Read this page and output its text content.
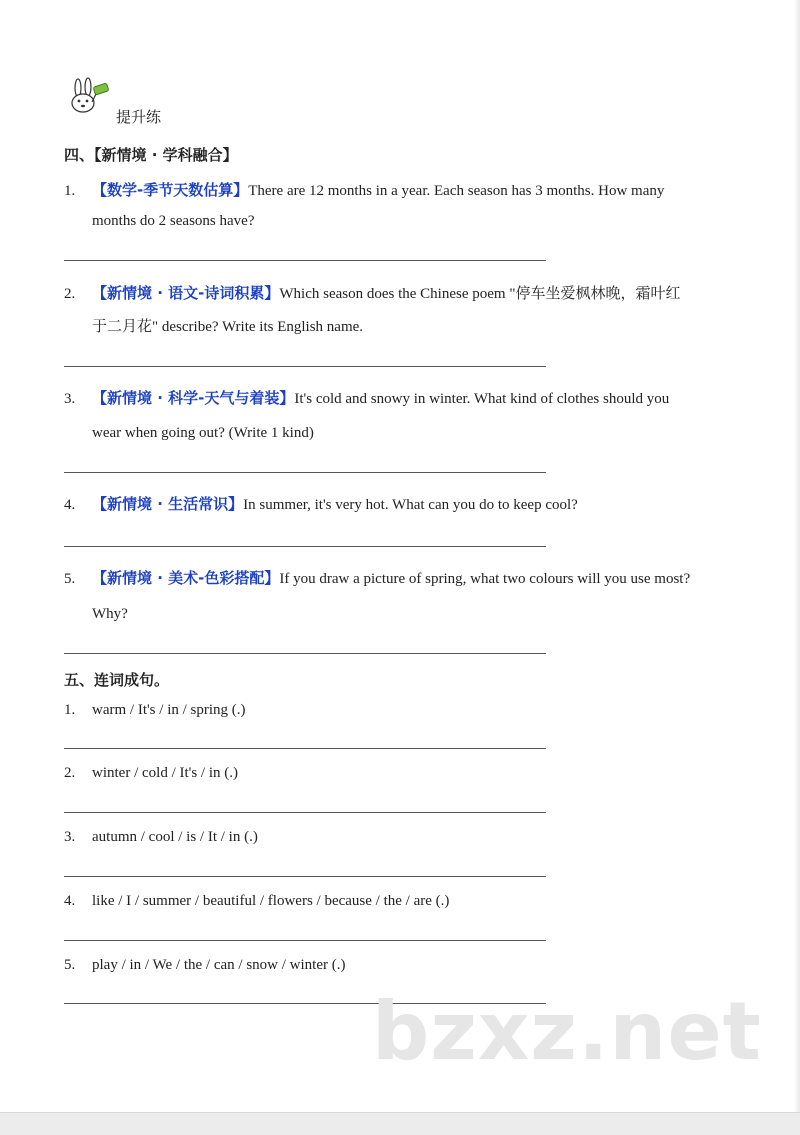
提升练
四、【新情境 · 学科融合】
1. 【数学-季节天数估算】There are 12 months in a year. Each season has 3 months. How many
months do 2 seasons have?
2. 【新情境 · 语文-诗词积累】Which season does the Chinese poem "停车坐爱枫林晚，霜叶红
于二月花" describe? Write its English name.
3. 【新情境 · 科学-天气与着装】It's cold and snowy in winter. What kind of clothes should you
wear when going out? (Write 1 kind)
4. 【新情境 · 生活常识】In summer, it's very hot. What can you do to keep cool?
5. 【新情境 · 美术-色彩搭配】If you draw a picture of spring, what two colours will you use most?
Why?
五、连词成句。
1. warm / It's / in / spring (.)
2. winter / cold / It's / in (.)
3. autumn / cool / is / It / in (.)
4. like / I / summer / beautiful / flowers / because / the / are (.)
5. play / in / We / the / can / snow / winter (.)
bzxz.net
